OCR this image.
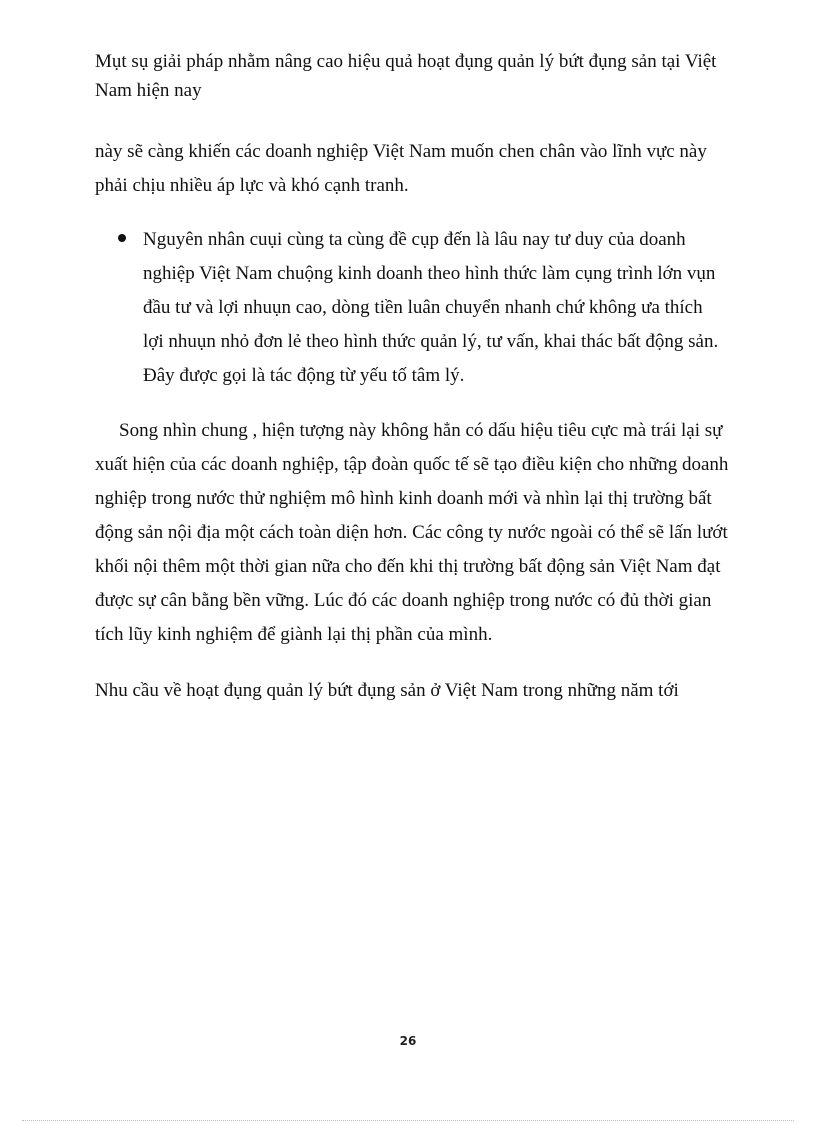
Mụt sụ giải pháp nhằm nâng cao hiệu quả hoạt đụng quản lý bứt đụng sản tại Việt
Nam hiện nay
này sẽ càng khiến các doanh nghiệp Việt Nam muốn chen chân vào lĩnh vực này
phải chịu nhiều áp lực và khó cạnh tranh.
Nguyên nhân cuụi cùng ta cùng đề cụp đến là lâu nay tư duy của doanh
nghiệp Việt Nam chuộng kinh doanh theo hình thức làm cụng trình lớn vụn
đầu tư và lợi nhuụn cao, dòng tiền luân chuyển nhanh chứ không ưa thích
lợi nhuụn nhỏ đơn lẻ theo hình thức quản lý, tư vấn, khai thác bất động sản.
Đây được gọi là tác động từ yếu tố tâm lý.
Song nhìn chung , hiện tượng này không hẳn có dấu hiệu tiêu cực mà trái lại sự
xuất hiện của các doanh nghiệp, tập đoàn quốc tế sẽ tạo điều kiện cho những doanh
nghiệp trong nước thử nghiệm mô hình kinh doanh mới và nhìn lại thị trường bất
động sản nội địa một cách toàn diện hơn. Các công ty nước ngoài có thể sẽ lấn lướt
khối nội thêm một thời gian nữa cho đến khi thị trường bất động sản Việt Nam đạt
được sự cân bằng bền vững. Lúc đó các doanh nghiệp trong nước có đủ thời gian
tích lũy kinh nghiệm để giành lại thị phần của mình.
Nhu cầu về hoạt đụng quản lý bứt đụng sản ở Việt Nam trong những năm tới
26
